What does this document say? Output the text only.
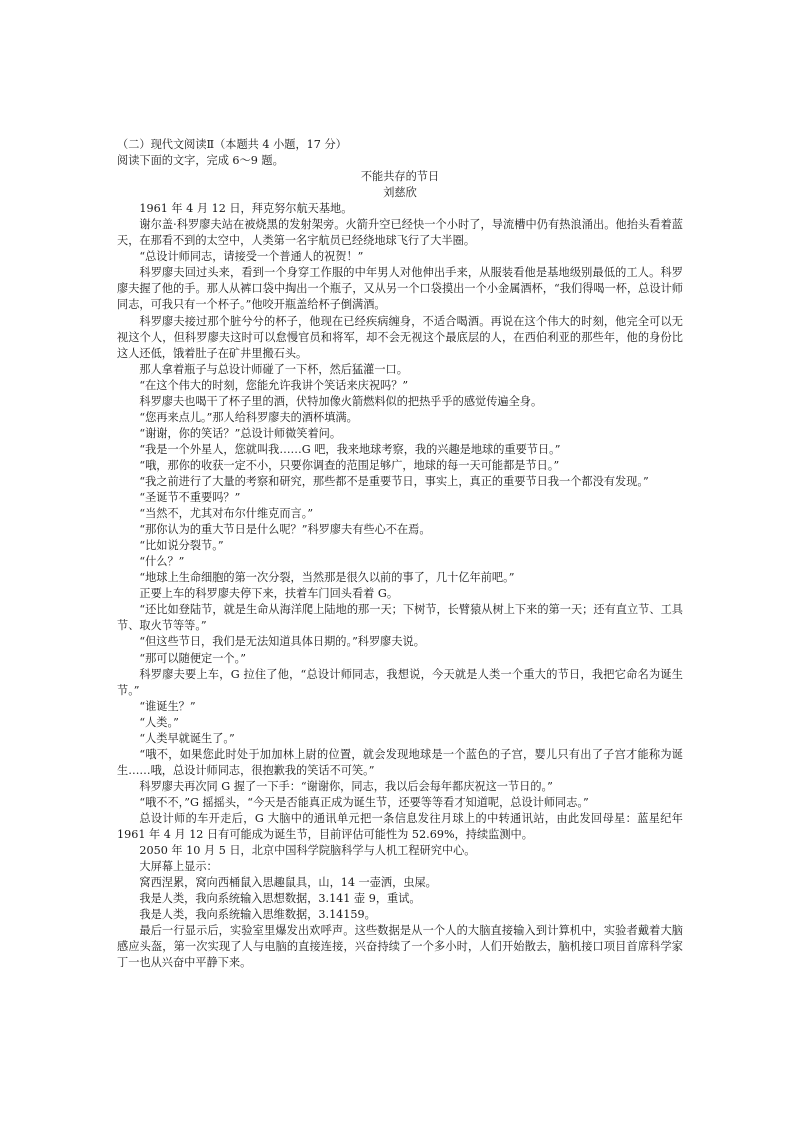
（二）现代文阅读Ⅱ（本题共 4 小题，17 分）
阅读下面的文字，完成 6～9 题。
不能共存的节日
刘慈欣
1961 年 4 月 12 日，拜克努尔航天基地。
谢尔盖·科罗廖夫站在被烧黑的发射架旁。火箭升空已经快一个小时了，导流槽中仍有热浪涌出。他抬头看着蓝天，在那看不到的太空中，人类第一名宇航员已经绕地球飞行了大半圈。
“总设计师同志，请接受一个普通人的祝贺！”
科罗廖夫回过头来，看到一个身穿工作服的中年男人对他伸出手来，从服装看他是基地级别最低的工人。科罗廖夫握了他的手。那人从裤口袋中掏出一个瓶子，又从另一个口袋摸出一个小金属酒杯，“我们得喝一杯，总设计师同志，可我只有一个杯子。”他咬开瓶盖给杯子倒满酒。
科罗廖夫接过那个脏兮兮的杯子，他现在已经疾病缠身，不适合喝酒。再说在这个伟大的时刻，他完全可以无视这个人，但科罗廖夫这时可以怠慢官员和将军，却不会无视这个最底层的人，在西伯利亚的那些年，他的身份比这人还低，饿着肚子在矿井里搬石头。
那人拿着瓶子与总设计师碰了一下杯，然后猛灌一口。
“在这个伟大的时刻，您能允许我讲个笑话来庆祝吗？”
科罗廖夫也喝干了杯子里的酒，伏特加像火箭燃料似的把热乎乎的感觉传遍全身。
“您再来点儿。”那人给科罗廖夫的酒杯填满。
“谢谢，你的笑话？”总设计师微笑着问。
“我是一个外星人，您就叫我……G 吧，我来地球考察，我的兴趣是地球的重要节日。”
“哦，那你的收获一定不小，只要你调查的范围足够广，地球的每一天可能都是节日。”
“我之前进行了大量的考察和研究，那些都不是重要节日，事实上，真正的重要节日我一个都没有发现。”
“圣诞节不重要吗？”
“当然不，尤其对布尔什维克而言。”
“那你认为的重大节日是什么呢？”科罗廖夫有些心不在焉。
“比如说分裂节。”
“什么？”
“地球上生命细胞的第一次分裂，当然那是很久以前的事了，几十亿年前吧。”
正要上车的科罗廖夫停下来，扶着车门回头看着 G。
“还比如登陆节，就是生命从海洋爬上陆地的那一天；下树节，长臂猿从树上下来的第一天；还有直立节、工具节、取火节等等。”
“但这些节日，我们是无法知道具体日期的。”科罗廖夫说。
“那可以随便定一个。”
科罗廖夫要上车，G 拉住了他，“总设计师同志，我想说，今天就是人类一个重大的节日，我把它命名为诞生节。”
“谁诞生？”
“人类。”
“人类早就诞生了。”
“哦不，如果您此时处于加加林上尉的位置，就会发现地球是一个蓝色的子宫，婴儿只有出了子宫才能称为诞生……哦，总设计师同志，很抱歉我的笑话不可笑。”
科罗廖夫再次同 G 握了一下手：“谢谢你，同志，我以后会每年都庆祝这一节日的。”
“哦不不，”G 摇摇头，“今天是否能真正成为诞生节，还要等等看才知道呢，总设计师同志。”
总设计师的车开走后，G 大脑中的通讯单元把一条信息发往月球上的中转通讯站，由此发回母星：蓝星纪年 1961 年 4 月 12 日有可能成为诞生节，目前评估可能性为 52.69%，持续监测中。
2050 年 10 月 5 日，北京中国科学院脑科学与人机工程研究中心。
大屏幕上显示：
窝西涅累，窝向西桶鼠入思趣鼠具，山，14 一壶洒，虫屎。
我是人类，我向系统输入思想数据，3.141 壶 9，重试。
我是人类，我向系统输入思维数据，3.14159。
最后一行显示后，实验室里爆发出欢呼声。这些数据是从一个人的大脑直接输入到计算机中，实验者戴着大脑感应头盔，第一次实现了人与电脑的直接连接，兴奋持续了一个多小时，人们开始散去，脑机接口项目首席科学家丁一也从兴奋中平静下来。
